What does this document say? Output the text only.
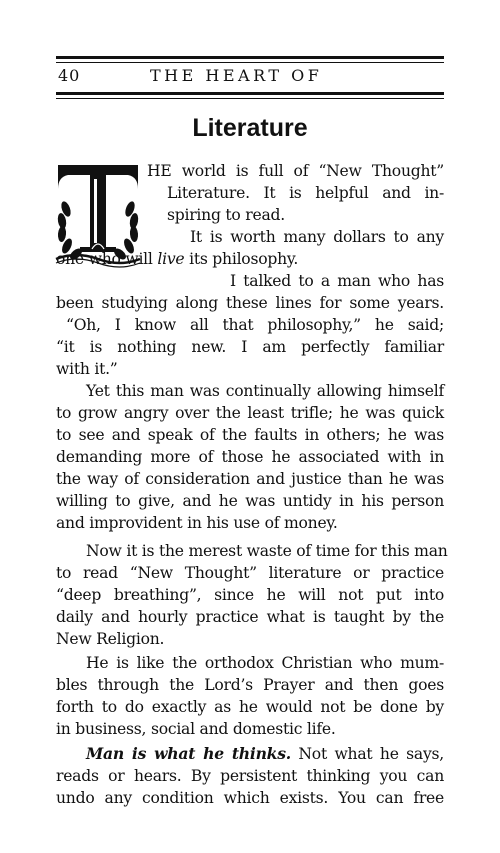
40	THE HEART OF
Literature

HE world is full of “New Thought”

Literature. It is helpful and in-

spiring to read.

It is worth many dollars to any

one who will live its philosophy.

I talked to a man who has

been studying along these lines for some years.

“Oh, I know all that philosophy,” he said;

“it is nothing new. I am perfectly familiar

with it.”

Yet this man was continually allowing himself

to grow angry over the least trifle; he was quick

to see and speak of the faults in others; he was

demanding more of those he associated with in

the way of consideration and justice than he was

willing to give, and he was untidy in his person

and improvident in his use of money.

Now it is the merest waste of time for this man

to read “New Thought” literature or practice

“deep breathing”, since he will not put into

daily and hourly practice what is taught by the

New Religion.

He is like the orthodox Christian who mum-

bles through the Lord’s Prayer and then goes

forth to do exactly as he would not be done by

in business, social and domestic life.

Man is what he thinks. Not what he says,

reads or hears. By persistent thinking you can

undo any condition which exists. You can free
